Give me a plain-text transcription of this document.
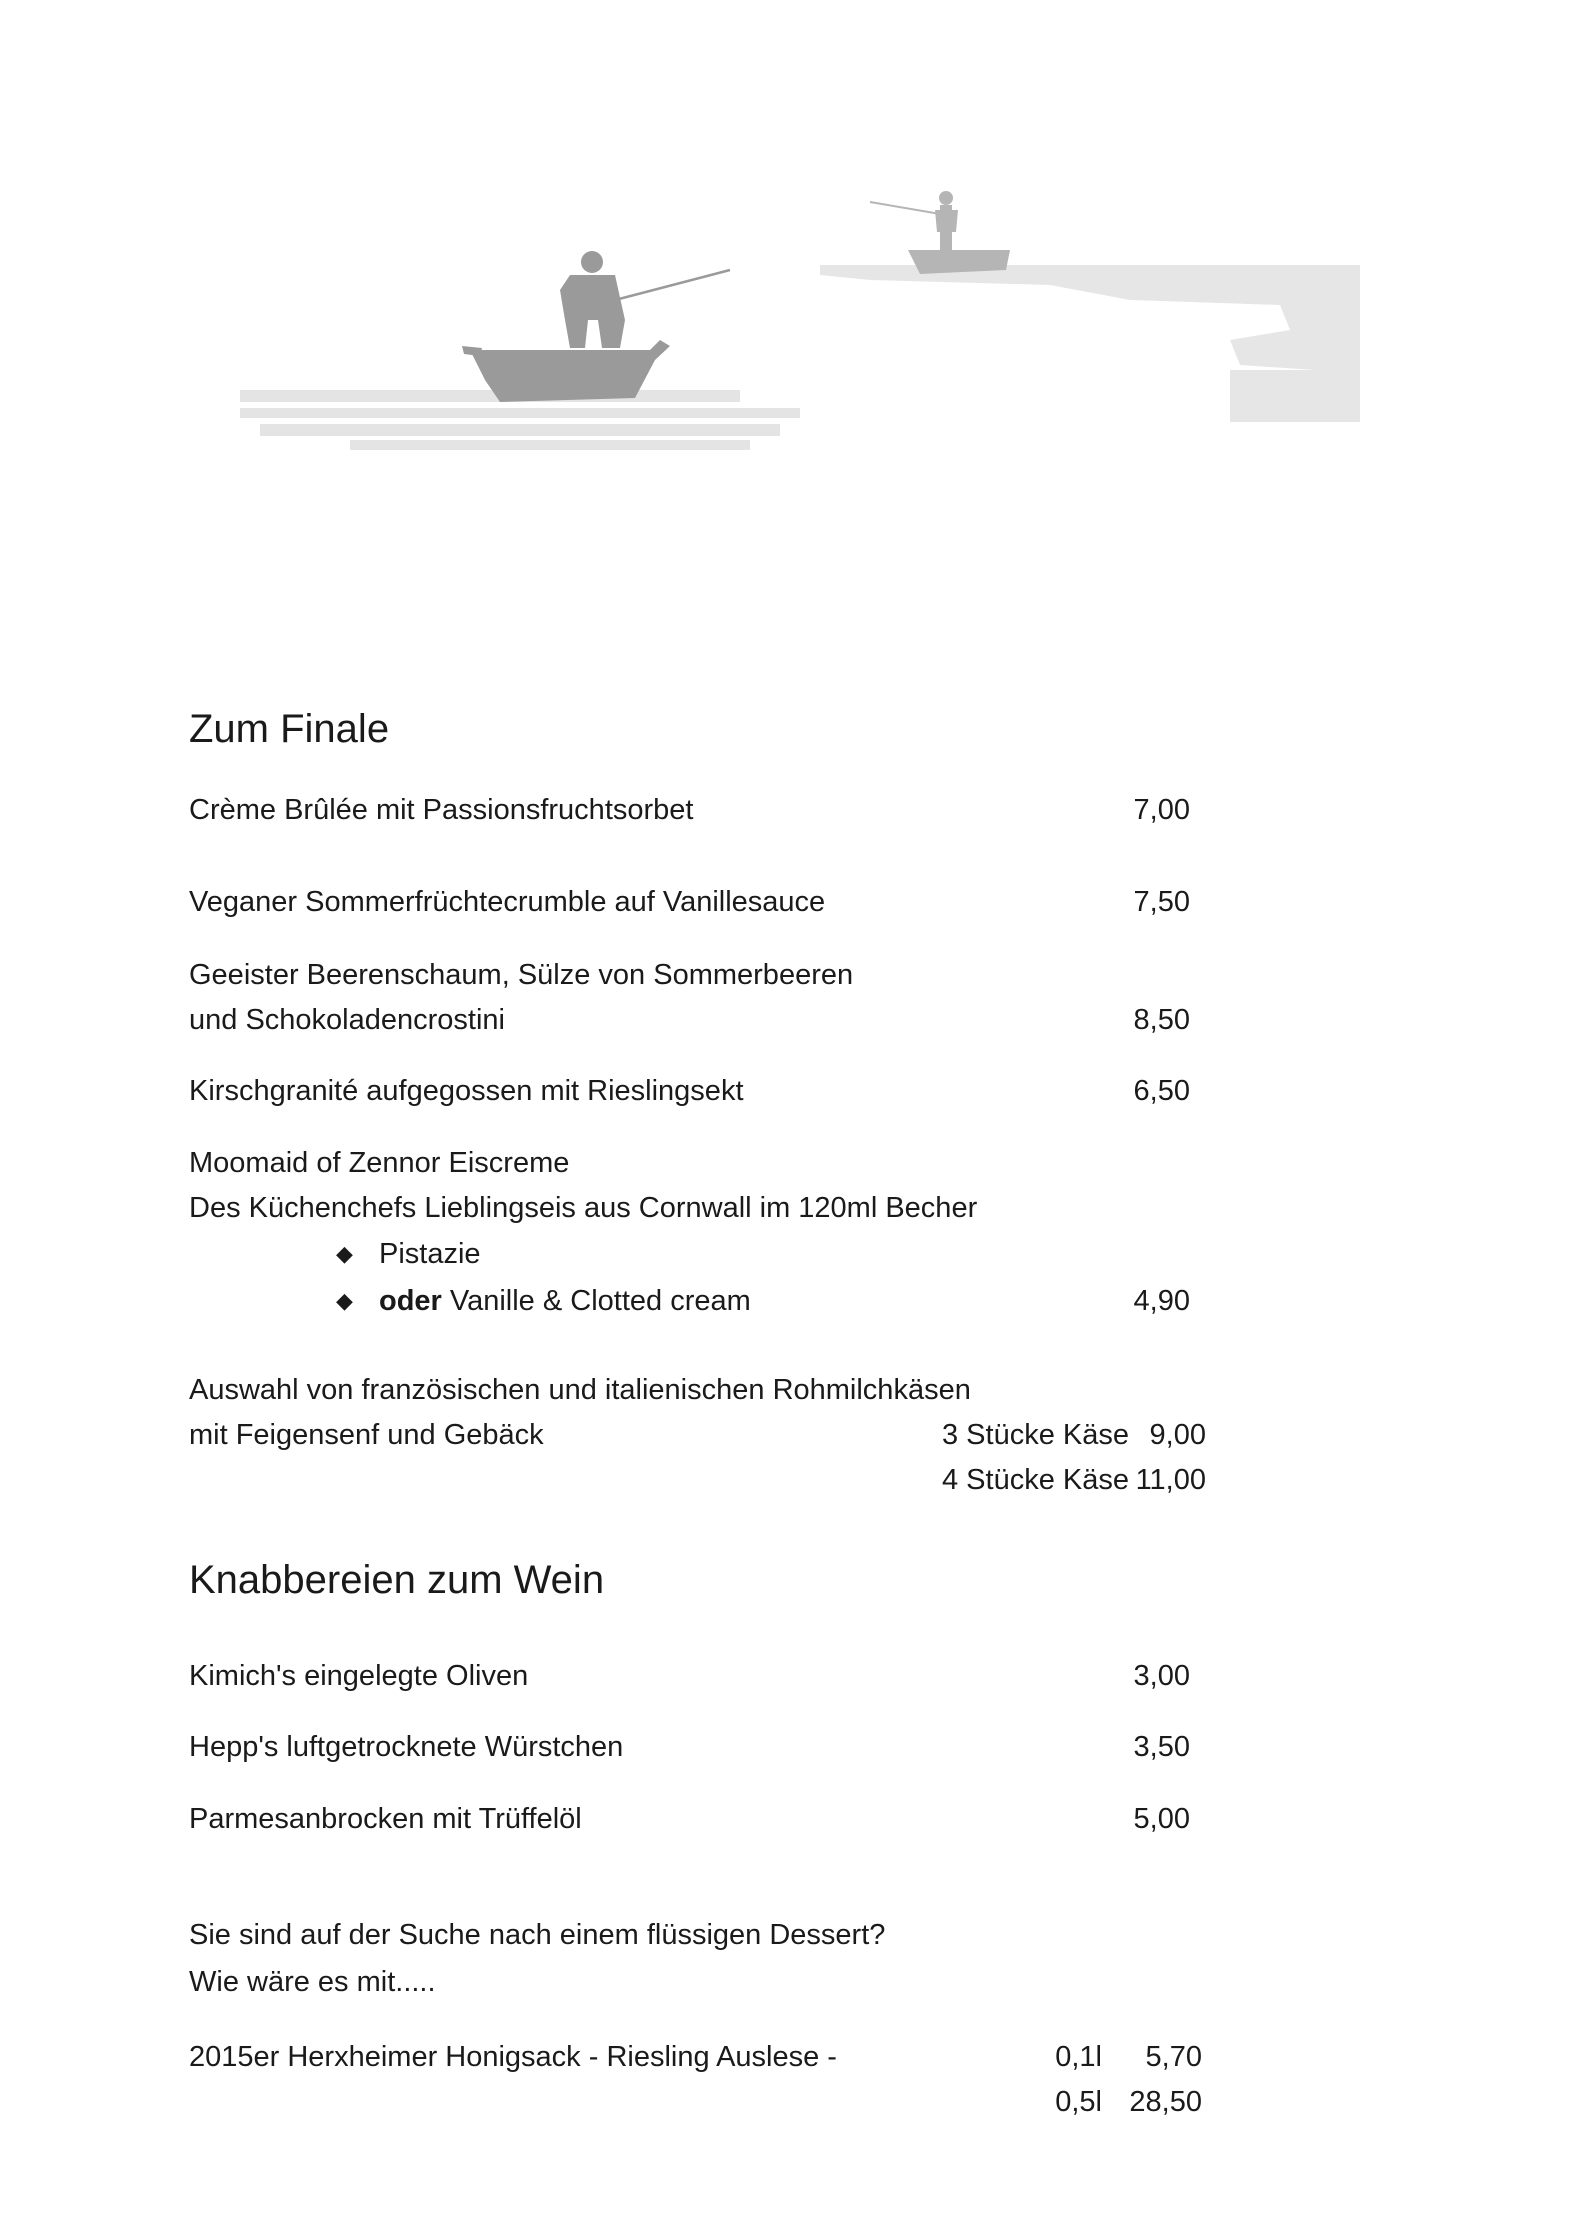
Zum Finale
Crème Brûlée mit Passionsfruchtsorbet	7,00
Veganer Sommerfrüchtecrumble auf Vanillesauce	7,50
Geeister Beerenschaum, Sülze von Sommerbeeren
und Schokoladencrostini	8,50
Kirschgranité aufgegossen mit Rieslingsekt	6,50
Moomaid of Zennor Eiscreme
Des Küchenchefs Lieblingseis aus Cornwall im 120ml Becher
◆ Pistazie
◆ oder Vanille & Clotted cream	4,90
Auswahl von französischen und italienischen Rohmilchkäsen
mit Feigensenf und Gebäck	3 Stücke Käse 9,00
4 Stücke Käse 11,00
Knabbereien zum Wein
Kimich's eingelegte Oliven	3,00
Hepp's luftgetrocknete Würstchen	3,50
Parmesanbrocken mit Trüffelöl	5,00
Sie sind auf der Suche nach einem flüssigen Dessert?
Wie wäre es mit.....
2015er Herxheimer Honigsack - Riesling Auslese -	0,1l	5,70
0,5l 28,50
